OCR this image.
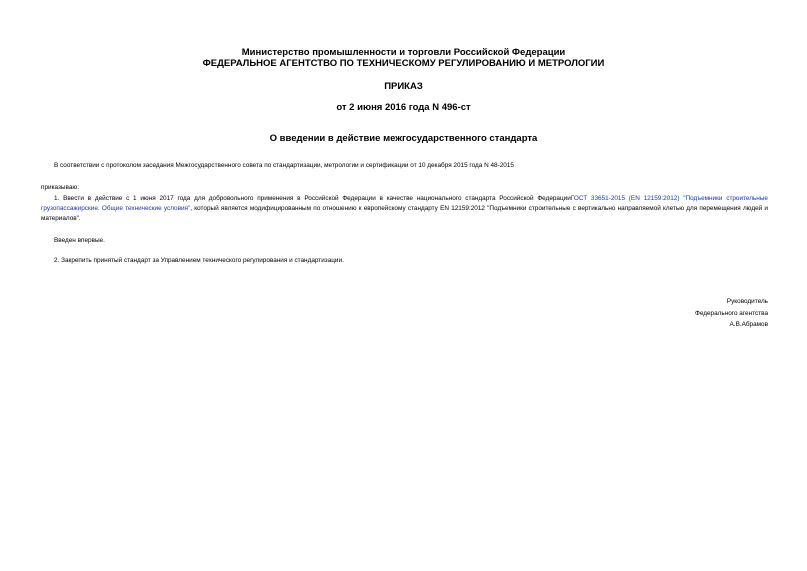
Министерство промышленности и торговли Российской Федерации
ФЕДЕРАЛЬНОЕ АГЕНТСТВО ПО ТЕХНИЧЕСКОМУ РЕГУЛИРОВАНИЮ И МЕТРОЛОГИИ
ПРИКАЗ
от 2 июня 2016 года N 496-ст
О введении в действие межгосударственного стандарта
В соответствии с протоколом заседания Межгосударственного совета по стандартизации, метрологии и сертификации от 10 декабря 2015 года N 48-2015
приказываю:
1. Ввести в действие с 1 июня 2017 года для добровольного применения в Российской Федерации в качестве национального стандарта Российской ФедерацииГОСТ 33651-2015 (EN 12159:2012) "Подъемники строительные грузопассажирские. Общие технические условия", который является модифицированным по отношению к европейскому стандарту EN 12159:2012 "Подъемники строительные с вертикально направляемой клетью для перемещения людей и материалов".
Введен впервые.
2. Закрепить принятый стандарт за Управлением технического регулирования и стандартизации.
Руководитель
Федерального агентства
А.В.Абрамов
